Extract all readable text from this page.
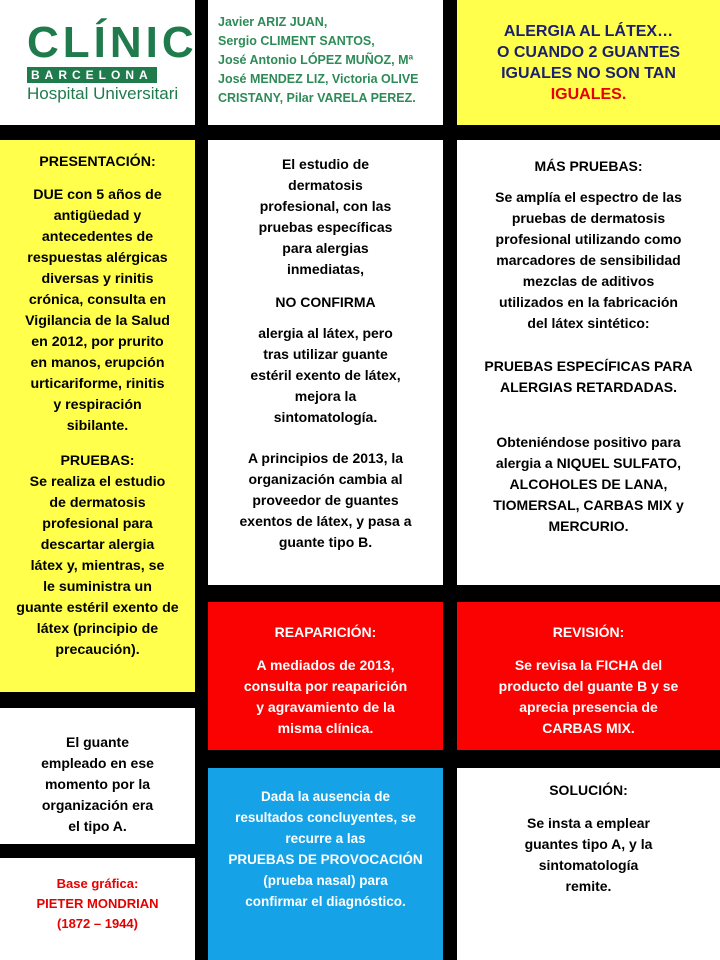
CLÍNIC
BARCELONA
Hospital Universitari
Javier ARIZ JUAN,
Sergio CLIMENT SANTOS,
José Antonio LÓPEZ MUÑOZ, Mª
José MENDEZ LIZ, Victoria OLIVE
CRISTANY, Pilar VARELA PEREZ.
ALERGIA AL LÁTEX…
O CUANDO 2 GUANTES
IGUALES NO SON TAN
IGUALES.
PRESENTACIÓN:
DUE con 5 años de
antigüedad y
antecedentes de
respuestas alérgicas
diversas y rinitis
crónica, consulta en
Vigilancia de la Salud
en 2012, por prurito
en manos, erupción
urticariforme, rinitis
y respiración
sibilante.
PRUEBAS:
Se realiza el estudio
de dermatosis
profesional para
descartar alergia
látex y, mientras, se
le suministra un
guante estéril exento de
látex (principio de
precaución).
El estudio de
dermatosis
profesional, con las
pruebas específicas
para alergias
inmediatas,
NO CONFIRMA
alergia al látex, pero
tras utilizar guante
estéril exento de látex,
mejora la
sintomatología.
A principios de 2013, la
organización cambia al
proveedor de guantes
exentos de látex, y pasa a
guante tipo B.
MÁS PRUEBAS:
Se amplía el espectro de las
pruebas de dermatosis
profesional utilizando como
marcadores de sensibilidad
mezclas de aditivos
utilizados en la fabricación
del látex sintético:
PRUEBAS ESPECÍFICAS PARA
ALERGIAS RETARDADAS.
Obteniéndose positivo para
alergia a NIQUEL SULFATO,
ALCOHOLES DE LANA,
TIOMERSAL, CARBAS MIX y
MERCURIO.
REAPARICIÓN:
A mediados de 2013,
consulta por reaparición
y agravamiento de la
misma clínica.
REVISIÓN:
Se revisa la FICHA del
producto del guante B y se
aprecia presencia de
CARBAS MIX.
El guante
empleado en ese
momento por la
organización era
el tipo A.
Base gráfica:
PIETER MONDRIAN
(1872 – 1944)
Dada la ausencia de
resultados concluyentes, se
recurre a las
PRUEBAS DE PROVOCACIÓN
(prueba nasal) para
confirmar el diagnóstico.
SOLUCIÓN:
Se insta a emplear
guantes tipo A, y la
sintomatología
remite.
